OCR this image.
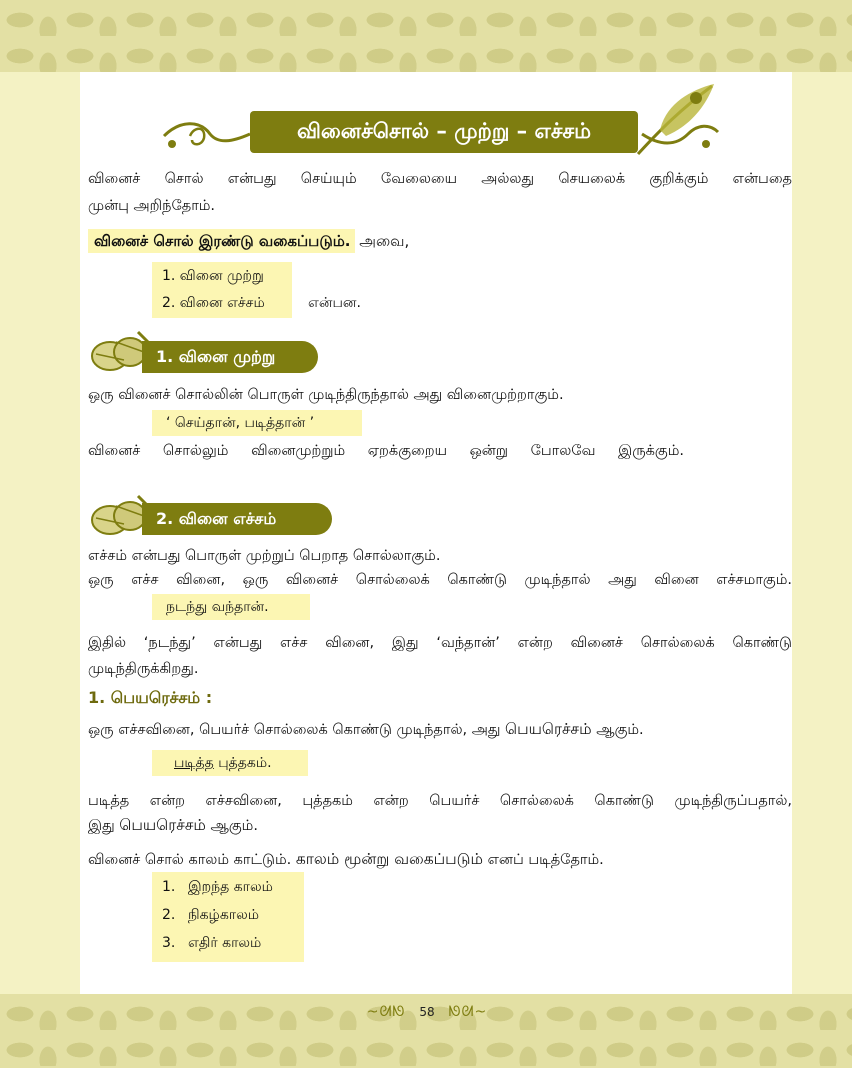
வினைச்சொல் – முற்று – எச்சம்
வினைச் சொல் என்பது செய்யும் வேலையை அல்லது செயலைக் குறிக்கும் என்பதை
முன்பு அறிந்தோம்.
வினைச் சொல் இரண்டு வகைப்படும். அவை,
1. வினை முற்று
2. வினை எச்சம்	என்பன.
1. வினை முற்று
ஒரு வினைச் சொல்லின் பொருள் முடிந்திருந்தால் அது வினைமுற்றாகும்.
‘ செய்தான், படித்தான் ’
வினைச் சொல்லும் வினைமுற்றும் ஏறக்குறைய ஒன்று போலவே இருக்கும்.
2. வினை எச்சம்
எச்சம் என்பது பொருள் முற்றுப் பெறாத சொல்லாகும்.
ஒரு எச்ச வினை, ஒரு வினைச் சொல்லைக் கொண்டு முடிந்தால் அது வினை எச்சமாகும்.
நடந்து வந்தான்.
இதில் ‘நடந்து’ என்பது எச்ச வினை, இது ‘வந்தான்’ என்ற வினைச் சொல்லைக் கொண்டு
முடிந்திருக்கிறது.
1. பெயரெச்சம் :
ஒரு எச்சவினை, பெயர்ச் சொல்லைக் கொண்டு முடிந்தால், அது பெயரெச்சம் ஆகும்.
படித்த புத்தகம்.
படித்த என்ற எச்சவினை, புத்தகம் என்ற பெயர்ச் சொல்லைக் கொண்டு முடிந்திருப்பதால்,
இது பெயரெச்சம் ஆகும்.
வினைச் சொல் காலம் காட்டும். காலம் மூன்று வகைப்படும் எனப் படித்தோம்.
1. இறந்த காலம்
2. நிகழ்காலம்
3. எதிர் காலம்
~ᘛᘚ 58 ᘚᘛ~
